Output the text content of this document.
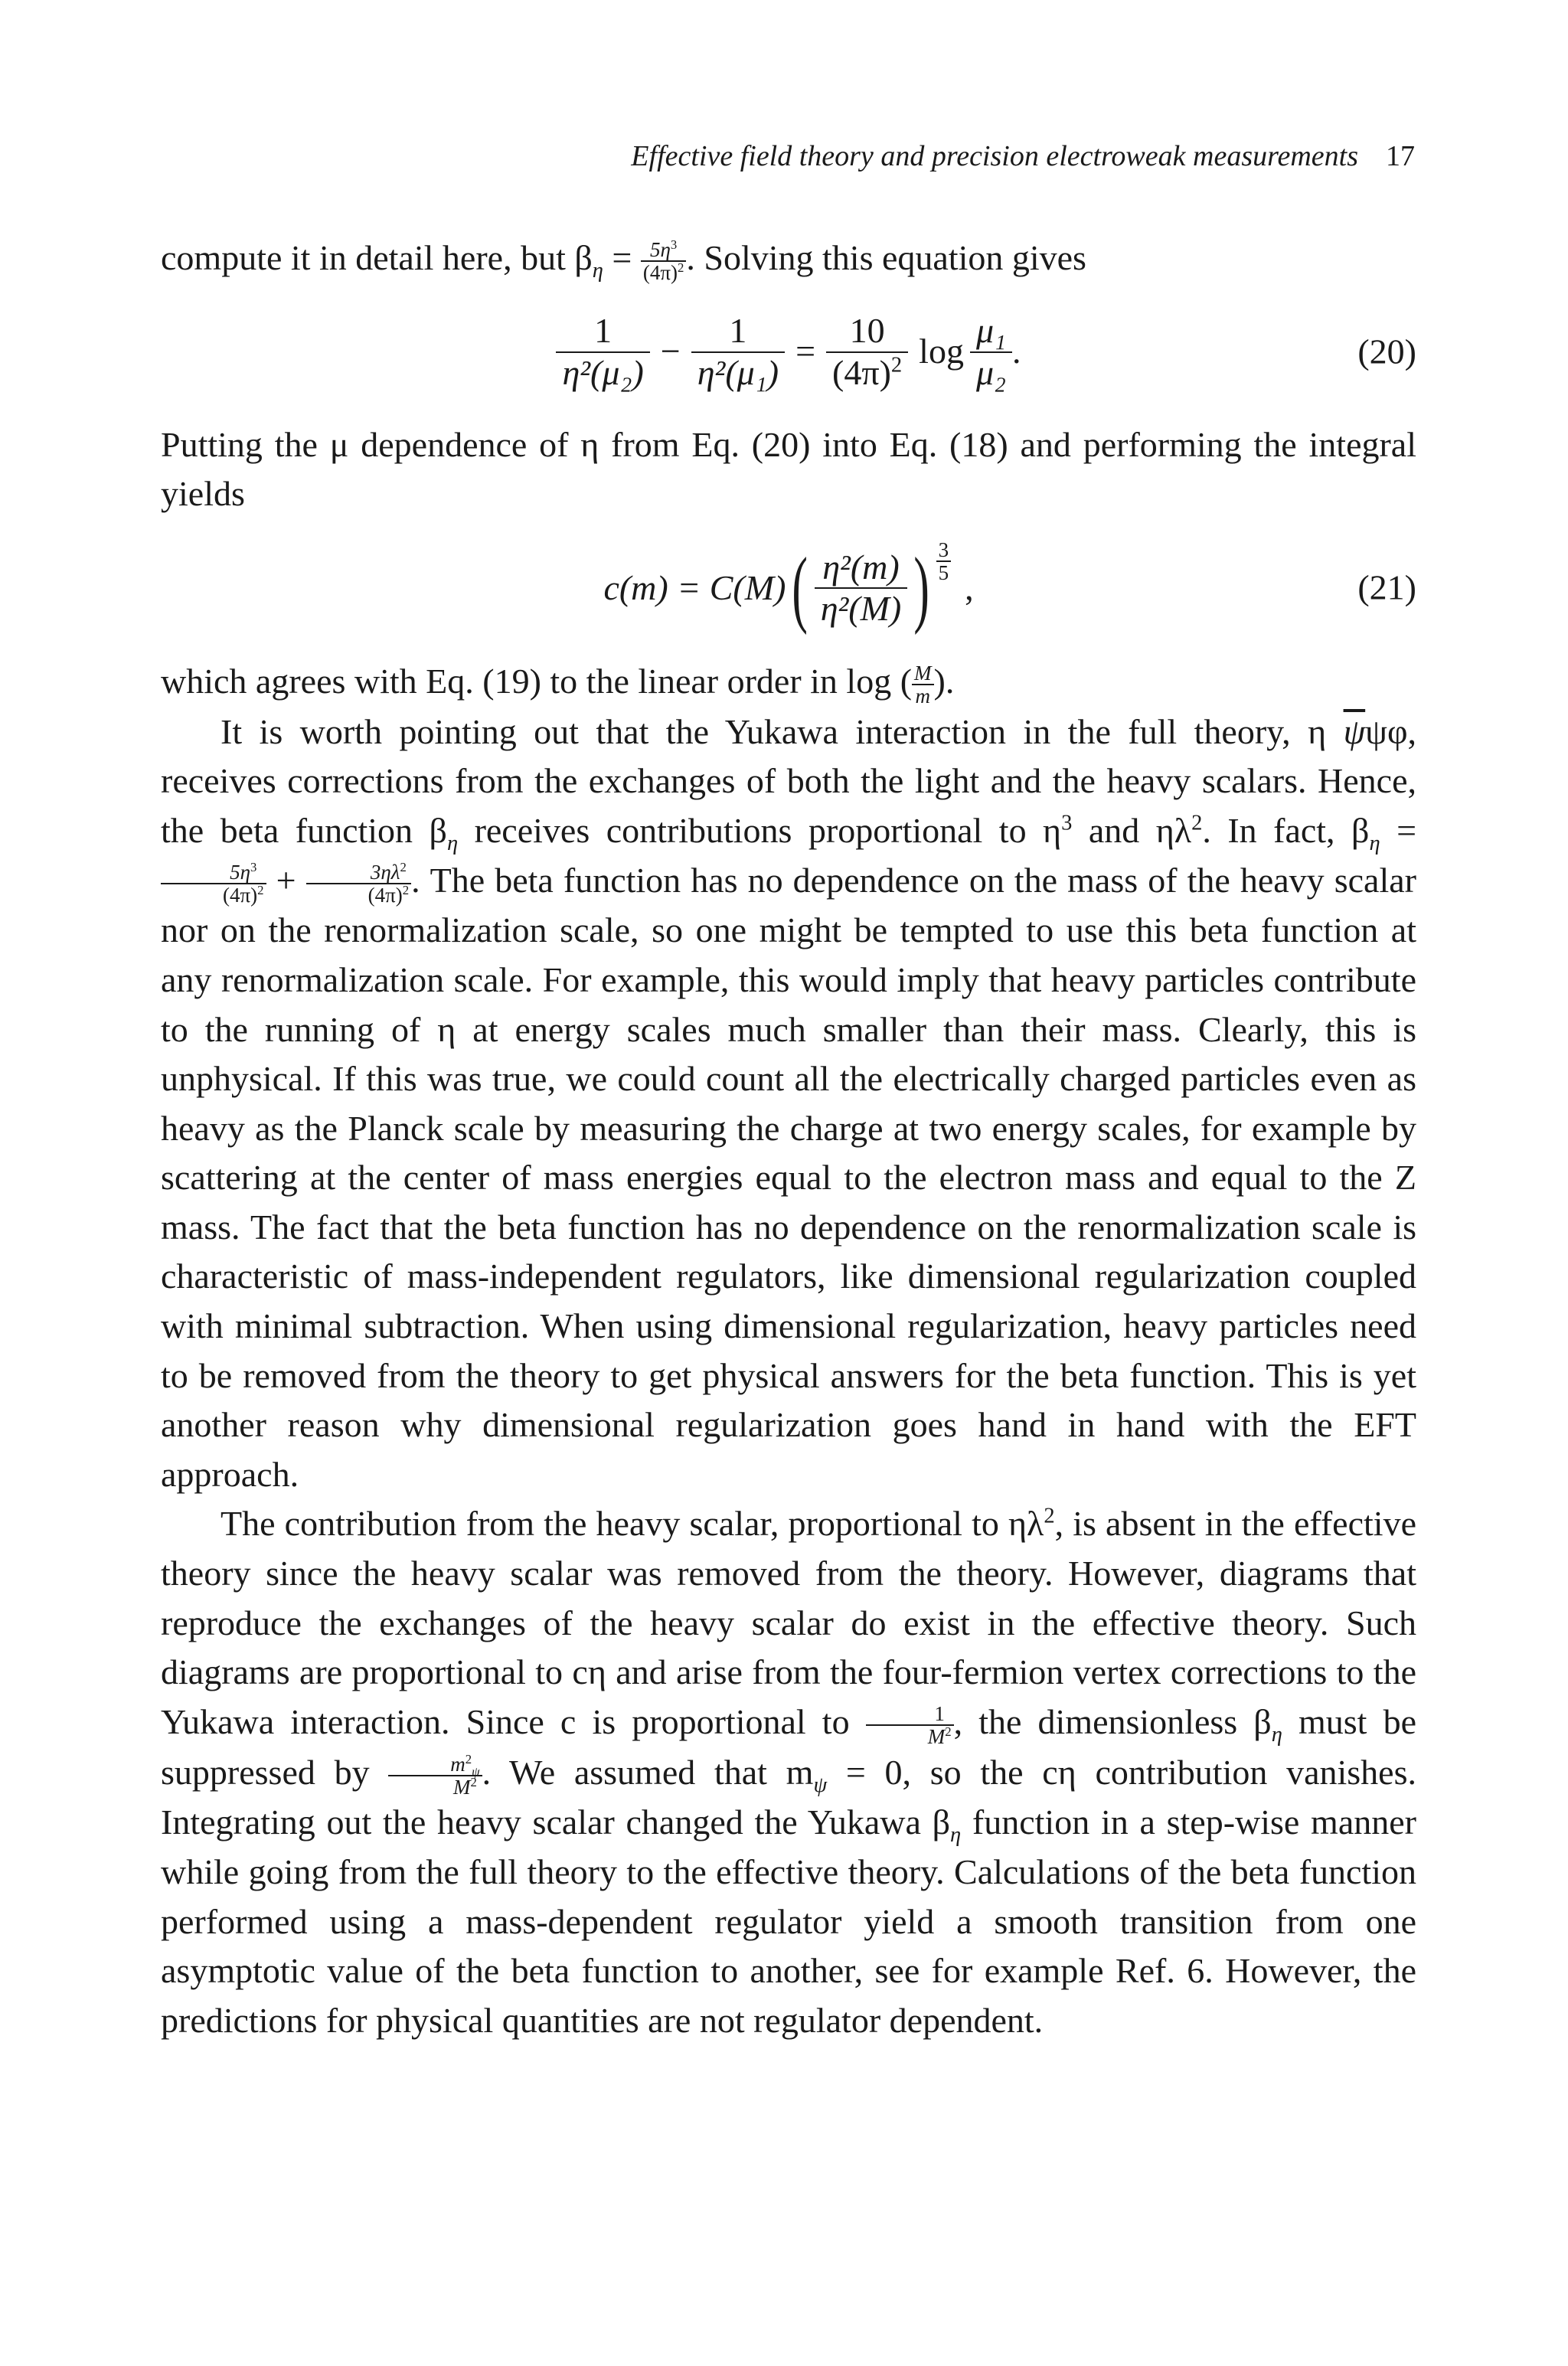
Effective field theory and precision electroweak measurements 17

compute it in detail here, but $\beta_\eta = \frac{5\eta^3}{(4\pi)^2}$ . Solving this equation gives

$\frac{1}{\text{η²(μ₂)}} - \frac{1}{\text{η²(μ₁)}} = \frac{10}{(4\pi)^2}$ $\log \frac{\text{μ₁}}{\text{μ₂}}$ .	(20)

Putting the μ dependence of η from Eq. (20) into Eq. (18) and performing the integral yields

c(m) = C(M) ( $\frac{\text{η²(m)}}{\text{η²(M)}}$ ) $\frac{3}{5}$
,	(21)

which agrees with Eq. (19) to the linear order in log ( $\frac{M}{m}$ ).

It is worth pointing out that the Yukawa interaction in the full theory, η $\overline{\psi}\psi\varphi$, receives corrections from the exchanges of both the light and the heavy scalars. Hence, the beta function $\beta_\eta$ receives contributions proportional to $\eta^3$ and $\eta\lambda^2$. In fact, $\beta_\eta$ =
$\frac{5\eta^3}{(4\pi)^2} + \frac{3\eta\lambda^2}{(4\pi)^2}$ . The beta function has no dependence on the mass of the heavy scalar nor on the renormalization scale, so one might be tempted to use this beta function at any renormalization scale. For example, this would imply that heavy particles contribute to the running of η at energy scales much smaller than their mass. Clearly, this is unphysical. If this was true, we could count all the electrically charged particles even as heavy as the Planck scale by measuring the charge at two energy scales, for example by scattering at the center of mass energies equal to the electron mass and equal to the Z mass. The fact that the beta function has no dependence on the renormalization scale is characteristic of mass-independent regulators, like dimensional regularization coupled with minimal subtraction. When using dimensional regularization, heavy particles need to be removed from the theory to get physical answers for the beta function. This is yet another reason why dimensional regularization goes hand in hand with the EFT approach.

The contribution from the heavy scalar, proportional to $\eta\lambda^2$, is absent in the effective theory since the heavy scalar was removed from the theory. However, diagrams that reproduce the exchanges of the heavy scalar do exist in the effective theory. Such diagrams are proportional to cη and arise from the four-fermion vertex corrections to the Yukawa interaction. Since c is proportional to $\frac{1}{M^2}$ , the dimensionless $\beta_\eta$ must be suppressed by $\frac{m^2_\psi}{M^2}$ . We assumed that $m_\psi = 0$, so the cη contribution vanishes. Integrating out the heavy scalar changed the Yukawa $\beta_\eta$ function in a step-wise manner while going from the full theory to the effective theory. Calculations of the beta function performed using a mass-dependent regulator yield a smooth transition from one asymptotic value of the beta function to another, see for example Ref. 6. However, the predictions for physical quantities are not regulator dependent.
